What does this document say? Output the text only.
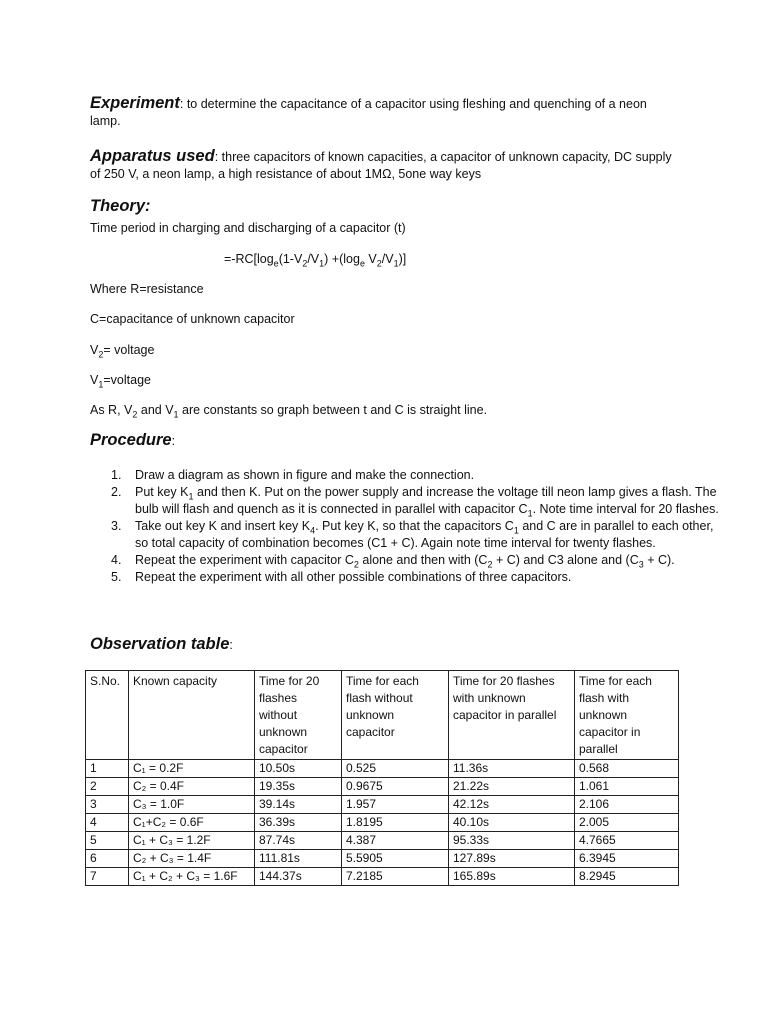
Experiment: to determine the capacitance of a capacitor using fleshing and quenching of a neon lamp.
Apparatus used: three capacitors of known capacities, a capacitor of unknown capacity, DC supply of 250 V, a neon lamp, a high resistance of about 1MΩ, 5one way keys
Theory:
Time period in charging and discharging of a capacitor (t)
$=-RC[\log_e(1-V_2/V_1) +(\log_e$ $V_2/V_1$)]
Where R=resistance
C=capacitance of unknown capacitor
$V_2=$ voltage
$V_1=voltage$
As R, $V_2$ and $V_1$ are constants so graph between t and C is straight line.
Procedure:
Draw a diagram as shown in figure and make the connection.
Put key $K_1$ and then K. Put on the power supply and increase the voltage till neon lamp gives a flash. The bulb will flash and quench as it is connected in parallel with capacitor $C_1$. Note time interval for 20 flashes.
Take out key K and insert key $K_4$. Put key K, so that the capacitors $C_1$ and C are in parallel to each other, so total capacity of combination becomes (C1 + C). Again note time interval for twenty flashes.
Repeat the experiment with capacitor $C_2$ alone and then with $(C_2 + C)$ and C3 alone and $(C_3 + C)$.
Repeat the experiment with all other possible combinations of three capacitors.
Observation table:
S.No.	Known capacity	Time for 20 flashes without unknown capacitor	Time for each flash without unknown capacitor	Time for 20 flashes with unknown capacitor in parallel	Time for each flash with unknown capacitor in parallel
1	C₁ = 0.2F	10.50s	0.525	11.36s	0.568
2	C₂ = 0.4F	19.35s	0.9675	21.22s	1.061
3	C₃ = 1.0F	39.14s	1.957	42.12s	2.106
4	C₁+C₂ = 0.6F	36.39s	1.8195	40.10s	2.005
5	C₁ + C₃ = 1.2F	87.74s	4.387	95.33s	4.7665
6	C₂ + C₃ = 1.4F	111.81s	5.5905	127.89s	6.3945
7	C₁ + C₂ + C₃ = 1.6F	144.37s	7.2185	165.89s	8.2945
